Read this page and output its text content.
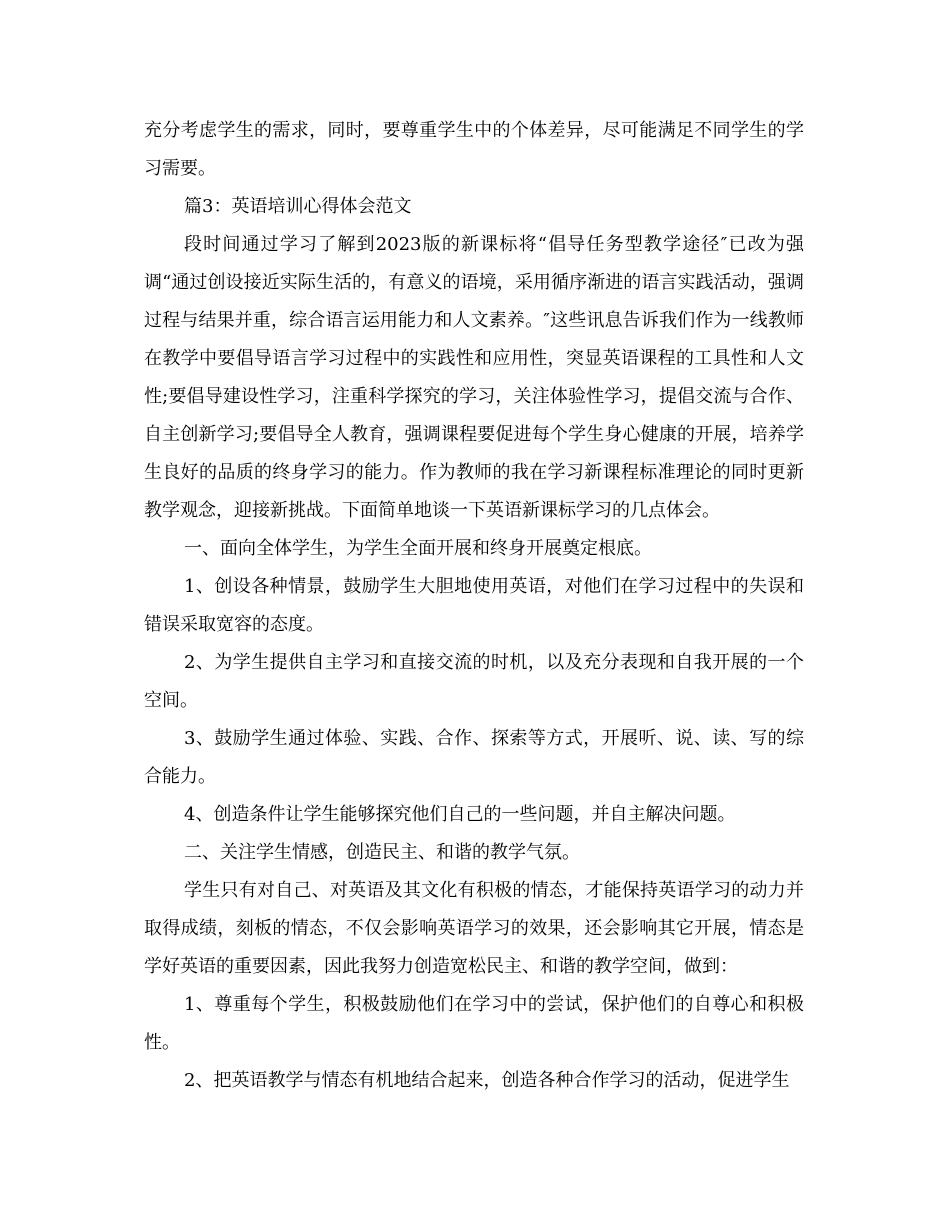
充分考虑学生的需求，同时，要尊重学生中的个体差异，尽可能满足不同学生的学习需要。

篇3：英语培训心得体会范文

段时间通过学习了解到2023版的新课标将“倡导任务型教学途径″已改为强调“通过创设接近实际生活的，有意义的语境，采用循序渐进的语言实践活动，强调过程与结果并重，综合语言运用能力和人文素养。″这些讯息告诉我们作为一线教师在教学中要倡导语言学习过程中的实践性和应用性，突显英语课程的工具性和人文性;要倡导建设性学习，注重科学探究的学习，关注体验性学习，提倡交流与合作、自主创新学习;要倡导全人教育，强调课程要促进每个学生身心健康的开展，培养学生良好的品质的终身学习的能力。作为教师的我在学习新课程标准理论的同时更新教学观念，迎接新挑战。下面简单地谈一下英语新课标学习的几点体会。

一、面向全体学生，为学生全面开展和终身开展奠定根底。

1、创设各种情景，鼓励学生大胆地使用英语，对他们在学习过程中的失误和错误采取宽容的态度。

2、为学生提供自主学习和直接交流的时机，以及充分表现和自我开展的一个空间。

3、鼓励学生通过体验、实践、合作、探索等方式，开展听、说、读、写的综合能力。

4、创造条件让学生能够探究他们自己的一些问题，并自主解决问题。

二、关注学生情感，创造民主、和谐的教学气氛。

学生只有对自己、对英语及其文化有积极的情态，才能保持英语学习的动力并取得成绩，刻板的情态，不仅会影响英语学习的效果，还会影响其它开展，情态是学好英语的重要因素，因此我努力创造宽松民主、和谐的教学空间，做到：

1、尊重每个学生，积极鼓励他们在学习中的尝试，保护他们的自尊心和积极性。

2、把英语教学与情态有机地结合起来，创造各种合作学习的活动，促进学生
